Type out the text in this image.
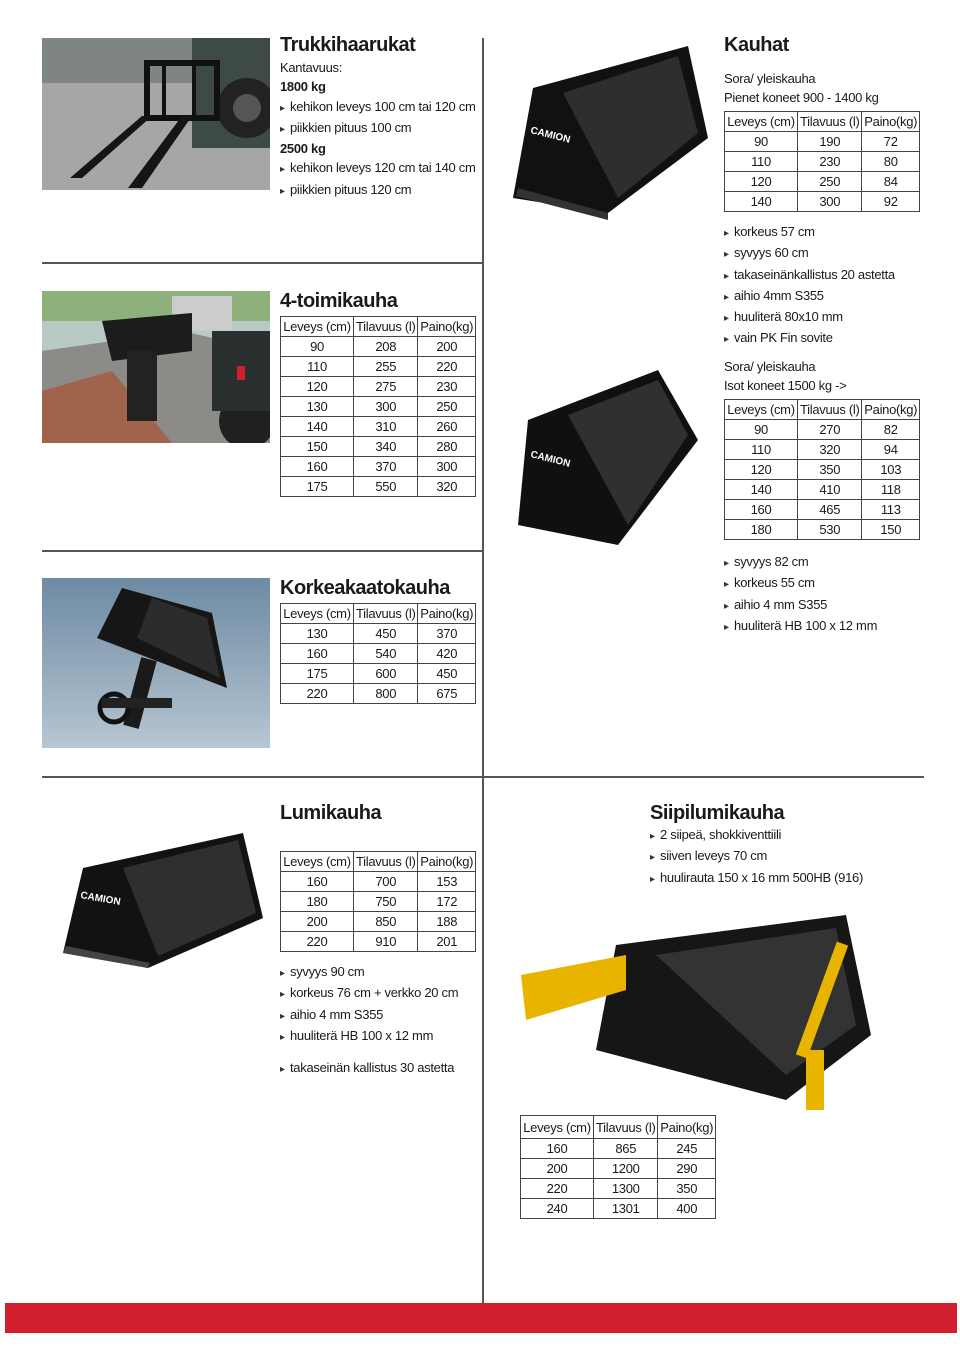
CAMION
CAMION
CAMION
Trukkihaarukat
Kantavuus:
1800 kg
▸ kehikon leveys 100 cm tai 120 cm
▸ piikkien pituus 100 cm
2500 kg
▸ kehikon leveys 120 cm tai 140 cm
▸ piikkien pituus 120 cm
4-toimikauha
Leveys (cm)	Tilavuus (l)	Paino(kg)
90	208	200
110	255	220
120	275	230
130	300	250
140	310	260
150	340	280
160	370	300
175	550	320
Korkeakaatokauha
Leveys (cm)	Tilavuus (l)	Paino(kg)
130	450	370
160	540	420
175	600	450
220	800	675
Kauhat
Sora/ yleiskauha
Pienet koneet 900 - 1400 kg
Leveys (cm)	Tilavuus (l)	Paino(kg)
90	190	72
110	230	80
120	250	84
140	300	92
▸ korkeus 57 cm
▸ syvyys 60 cm
▸ takaseinänkallistus 20 astetta
▸ aihio 4mm S355
▸ huuliterä 80x10 mm
▸ vain PK Fin sovite
Sora/ yleiskauha
Isot koneet 1500 kg ->
Leveys (cm)	Tilavuus (l)	Paino(kg)
90	270	82
110	320	94
120	350	103
140	410	118
160	465	113
180	530	150
▸ syvyys 82 cm
▸ korkeus 55 cm
▸ aihio 4 mm S355
▸ huuliterä HB 100 x 12 mm
Lumikauha
Leveys (cm)	Tilavuus (l)	Paino(kg)
160	700	153
180	750	172
200	850	188
220	910	201
▸ syvyys 90 cm
▸ korkeus 76 cm + verkko 20 cm
▸ aihio 4 mm S355
▸ huuliterä HB 100 x 12 mm
▸ takaseinän kallistus 30 astetta
Siipilumikauha
▸ 2 siipeä, shokkiventtiili
▸ siiven leveys 70 cm
▸ huulirauta 150 x 16 mm 500HB (916)
Leveys (cm)	Tilavuus (l)	Paino(kg)
160	865	245
200	1200	290
220	1300	350
240	1301	400
